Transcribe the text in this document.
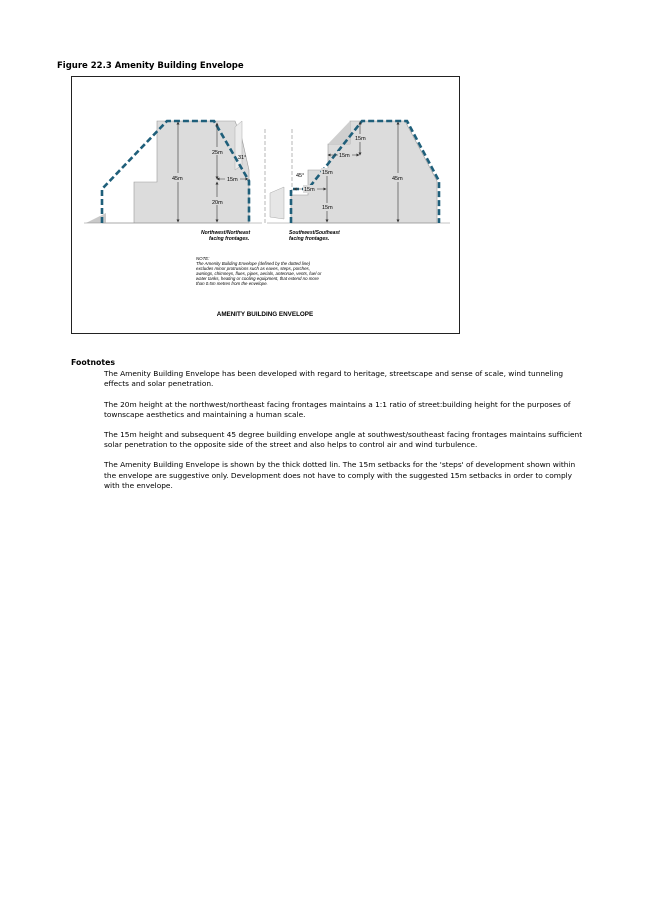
Figure 22.3 Amenity Building Envelope
45m
25m
20m
15m
31°
Northwest/Northeast
facing frontages.
45m
15m
15m
15m
15m
15m
45°
Southwest/Southeast
facing frontages.
NOTE:
The Amenity Building Envelope (defined by the dotted line)
excludes minor protrusions such as eaves, steps, porches,
awnings, chimneys, flues, pipes, aerials, antennae, vents, fuel or
water tanks, heating or cooling equipment, that extend no more
than 0.5m metres from the envelope.
AMENITY BUILDING ENVELOPE
Footnotes

The Amenity Building Envelope has been developed with regard to heritage, streetscape and sense of scale, wind tunneling
effects and solar penetration.

The 20m height at the northwest/northeast facing frontages maintains a 1:1 ratio of street:building height for the purposes of
townscape aesthetics and maintaining a human scale.

The 15m height and subsequent 45 degree building envelope angle at southwest/southeast facing frontages maintains sufficient
solar penetration to the opposite side of the street and also helps to control air and wind turbulence.

The Amenity Building Envelope is shown by the thick dotted lin. The 15m setbacks for the 'steps' of development shown within
the envelope are suggestive only. Development does not have to comply with the suggested 15m setbacks in order to comply
with the envelope.
